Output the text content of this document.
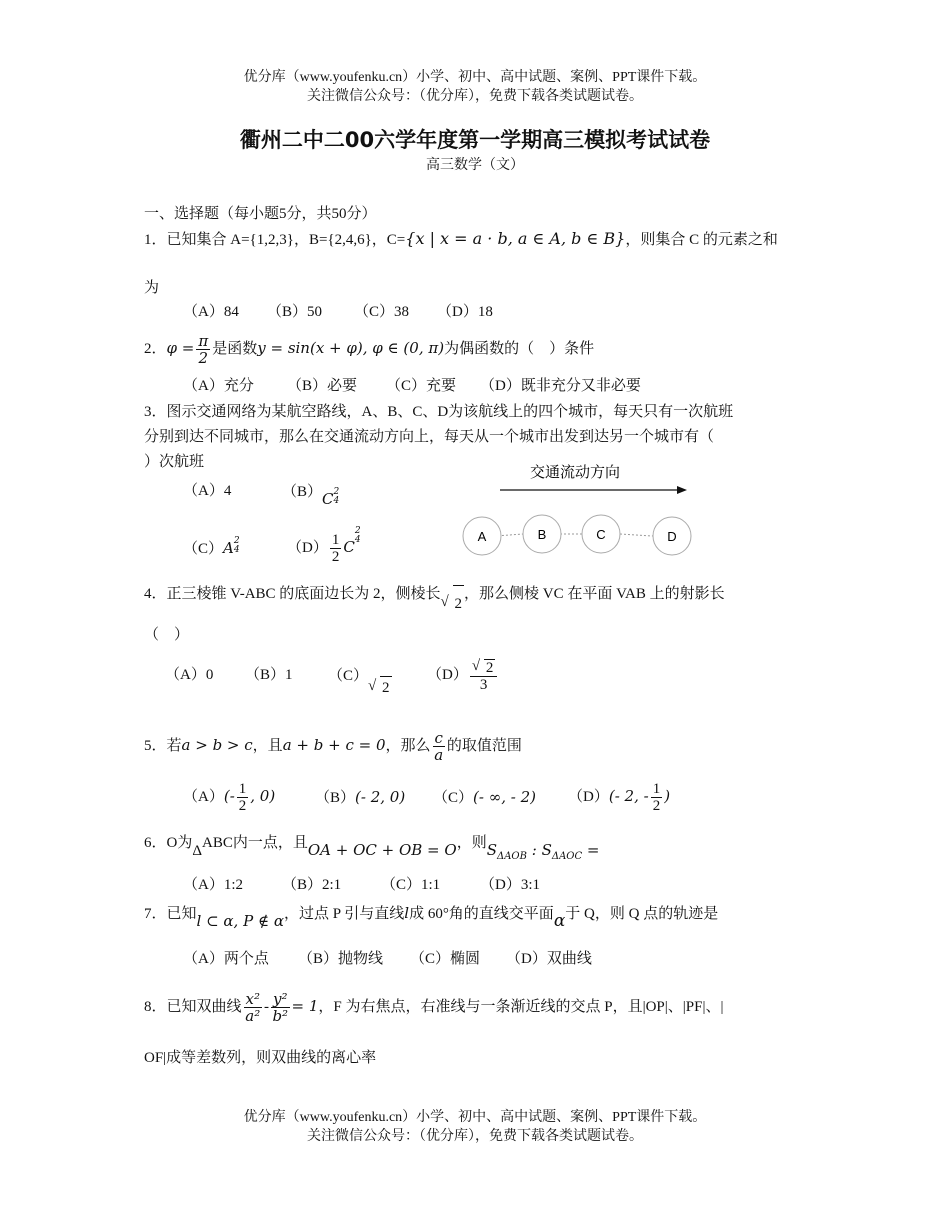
优分库（www.youfenku.cn）小学、初中、高中试题、案例、PPT课件下载。
关注微信公众号：（优分库），免费下载各类试题试卷。
衢州二中二00六学年度第一学期高三模拟考试试卷
高三数学（文）
一、选择题（每小题5分，共50分）
1．已知集合 A={1,2,3}，B={2,4,6}，C={x | x = a · b, a ∈ A, b ∈ B}，则集合 C 的元素之和
为
（A）84 （B）50 （C）38 （D）18
2．$\varphi = \frac{\pi}{2}$ 是函数y = sin(x + φ), φ ∈ (0, π)为偶函数的（　）条件
（A）充分 （B）必要 （C）充要 （D）既非充分又非必要
3．图示交通网络为某航空路线，A、B、C、D为该航线上的四个城市，每天只有一次航班
分别到达不同城市，那么在交通流动方向上，每天从一个城市出发到达另一个城市有（
）次航班
（A）4	（B）C 2
4
（C）A 2
4	$(D) \frac{1}{2}$ C
2
4
交通流动方向
A	B	C	D
4．正三棱锥 V-ABC 的底面边长为 2，侧棱长√ 2，那么侧棱 VC 在平面 VAB 上的射影长
（　）
（A）0 （B）1 （C）√ 2
（D）
√ $\frac{2}{3}$
5．若a > b > c，且a + b + c = 0，那么 $\frac{c}{a}$ 的取值范围
$(A)(- \frac{1}{2}$ , 0)	（B）(- 2, 0) （C）(- ∞, - 2) （D）(- 2, - $\frac{1}{2}$ )
6．O为ΔABC内一点，且OA + OC + OB = O，则$S_{\Delta AOB}$ : $S_{\Delta AOC}$ =
（A）1:2	（B）2:1	（C）1:1	（D）3:1
7．已知l ⊂ α, P ∉ α，过点 P 引与直线l成 60°角的直线交平面α于 Q，则 Q 点的轨迹是
（A）两个点 （B）抛物线 （C）椭圆 （D）双曲线
8．已知双曲线 $\frac{\text{x²}}{\text{a²}} - \frac{\text{y²}}{\text{b²}} = 1$，F 为右焦点，右准线与一条渐近线的交点 P，且|OP|、|PF|、|
OF|成等差数列，则双曲线的离心率
优分库（www.youfenku.cn）小学、初中、高中试题、案例、PPT课件下载。
关注微信公众号：（优分库），免费下载各类试题试卷。
